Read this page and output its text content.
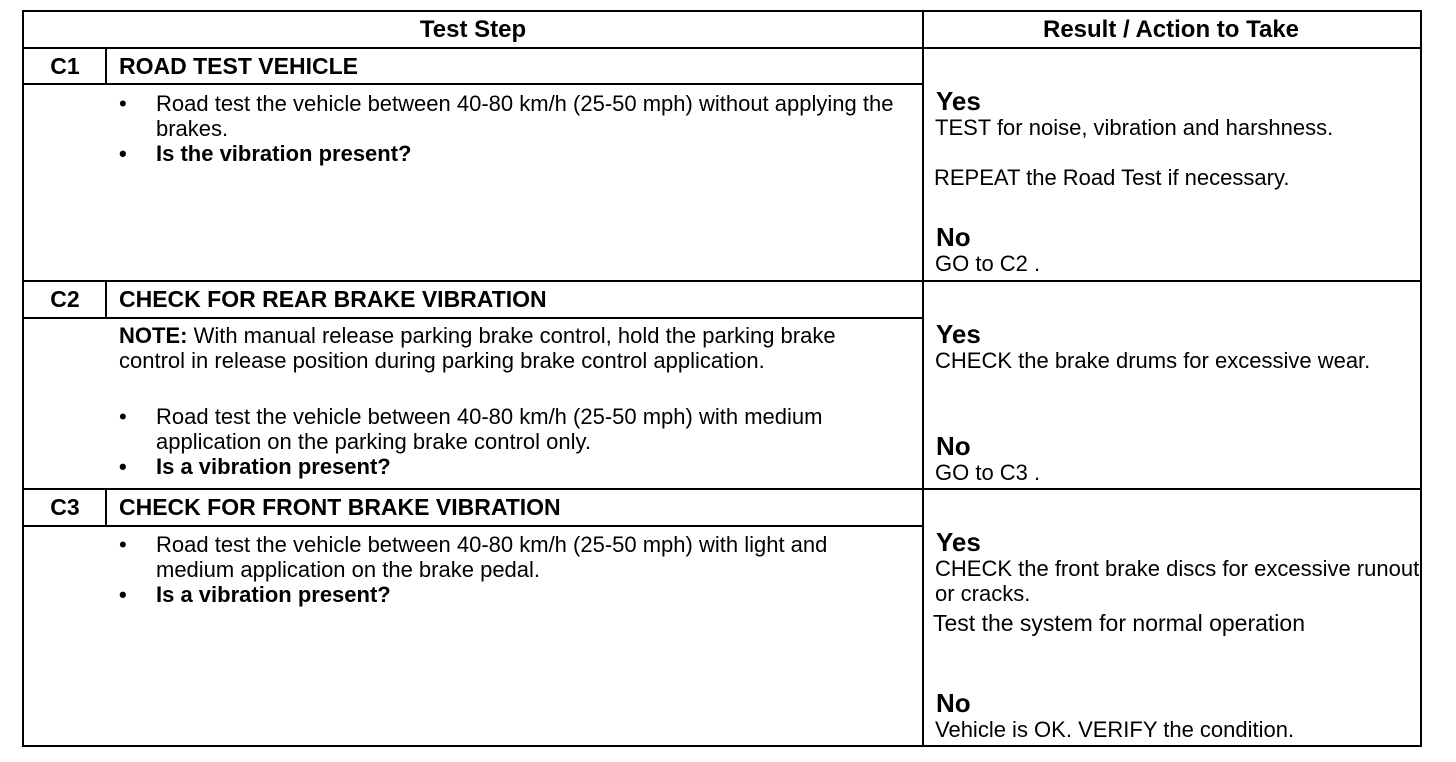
Test Step	Result / Action to Take
C1	ROAD TEST VEHICLE
•	Road test the vehicle between 40-80 km/h (25-50 mph) without applying the brakes.
•	Is the vibration present?
Yes
TEST for noise, vibration and harshness.
REPEAT the Road Test if necessary.
No
GO to C2 .
C2	CHECK FOR REAR BRAKE VIBRATION
NOTE: With manual release parking brake control, hold the parking brake control in release position during parking brake control application.
•	Road test the vehicle between 40-80 km/h (25-50 mph) with medium application on the parking brake control only.
•	Is a vibration present?
Yes
CHECK the brake drums for excessive wear.
No
GO to C3 .
C3	CHECK FOR FRONT BRAKE VIBRATION
•	Road test the vehicle between 40-80 km/h (25-50 mph) with light and medium application on the brake pedal.
•	Is a vibration present?
Yes
CHECK the front brake discs for excessive runout or cracks.
Test the system for normal operation
No
Vehicle is OK. VERIFY the condition.
